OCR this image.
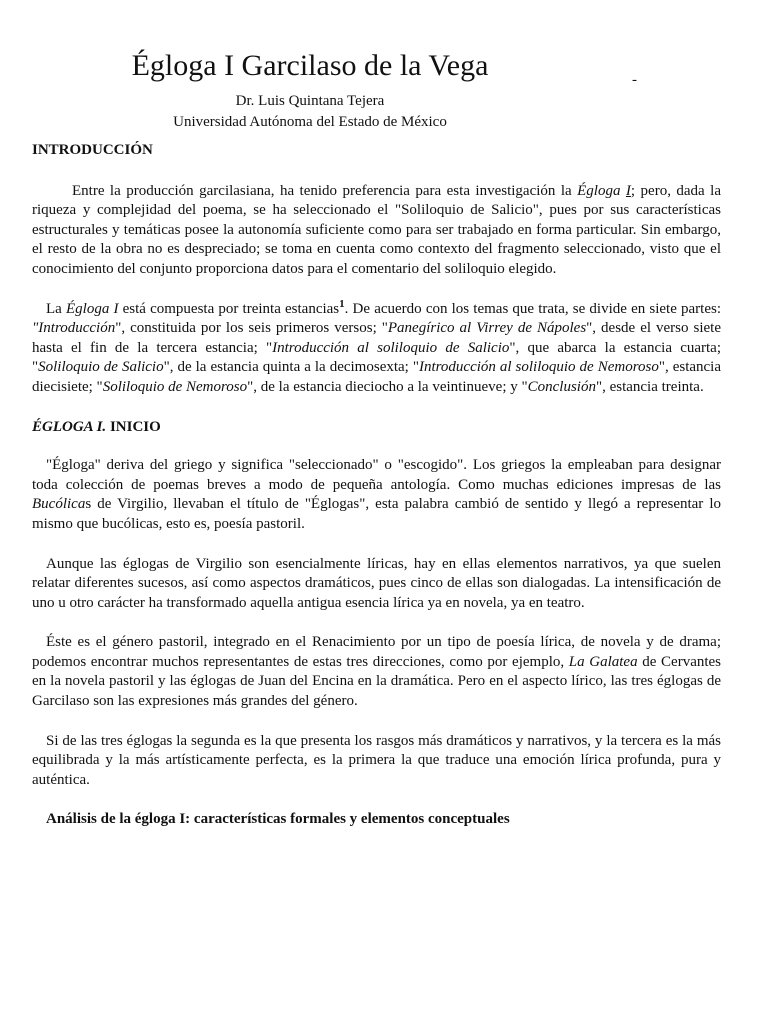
Égloga I Garcilaso de la Vega

Dr. Luis Quintana Tejera

Universidad Autónoma del Estado de México

-
INTRODUCCIÓN

Entre la producción garcilasiana, ha tenido preferencia para esta investigación la Égloga I; pero, dada la riqueza y complejidad del poema, se ha seleccionado el "Soliloquio de Salicio", pues por sus características estructurales y temáticas posee la autonomía suficiente como para ser trabajado en forma particular. Sin embargo, el resto de la obra no es despreciado; se toma en cuenta como contexto del fragmento seleccionado, visto que el conocimiento del conjunto proporciona datos para el comentario del soliloquio elegido.

La Égloga I está compuesta por treinta estancias$^1$. De acuerdo con los temas que trata, se divide en siete partes: "Introducción", constituida por los seis primeros versos; "Panegírico al Virrey de Nápoles", desde el verso siete hasta el fin de la tercera estancia; "Introducción al soliloquio de Salicio", que abarca la estancia cuarta; "Soliloquio de Salicio", de la estancia quinta a la decimosexta; "Introducción al soliloquio de Nemoroso", estancia diecisiete; "Soliloquio de Nemoroso", de la estancia dieciocho a la veintinueve; y "Conclusión", estancia treinta.

ÉGLOGA I. INICIO

"Égloga" deriva del griego y significa "seleccionado" o "escogido". Los griegos la empleaban para designar toda colección de poemas breves a modo de pequeña antología. Como muchas ediciones impresas de las Bucólicas de Virgilio, llevaban el título de "Églogas", esta palabra cambió de sentido y llegó a representar lo mismo que bucólicas, esto es, poesía pastoril.

Aunque las églogas de Virgilio son esencialmente líricas, hay en ellas elementos narrativos, ya que suelen relatar diferentes sucesos, así como aspectos dramáticos, pues cinco de ellas son dialogadas. La intensificación de uno u otro carácter ha transformado aquella antigua esencia lírica ya en novela, ya en teatro.

Éste es el género pastoril, integrado en el Renacimiento por un tipo de poesía lírica, de novela y de drama; podemos encontrar muchos representantes de estas tres direcciones, como por ejemplo, La Galatea de Cervantes en la novela pastoril y las églogas de Juan del Encina en la dramática. Pero en el aspecto lírico, las tres églogas de Garcilaso son las expresiones más grandes del género.

Si de las tres églogas la segunda es la que presenta los rasgos más dramáticos y narrativos, y la tercera es la más equilibrada y la más artísticamente perfecta, es la primera la que traduce una emoción lírica profunda, pura y auténtica.

Análisis de la égloga I: características formales y elementos conceptuales
